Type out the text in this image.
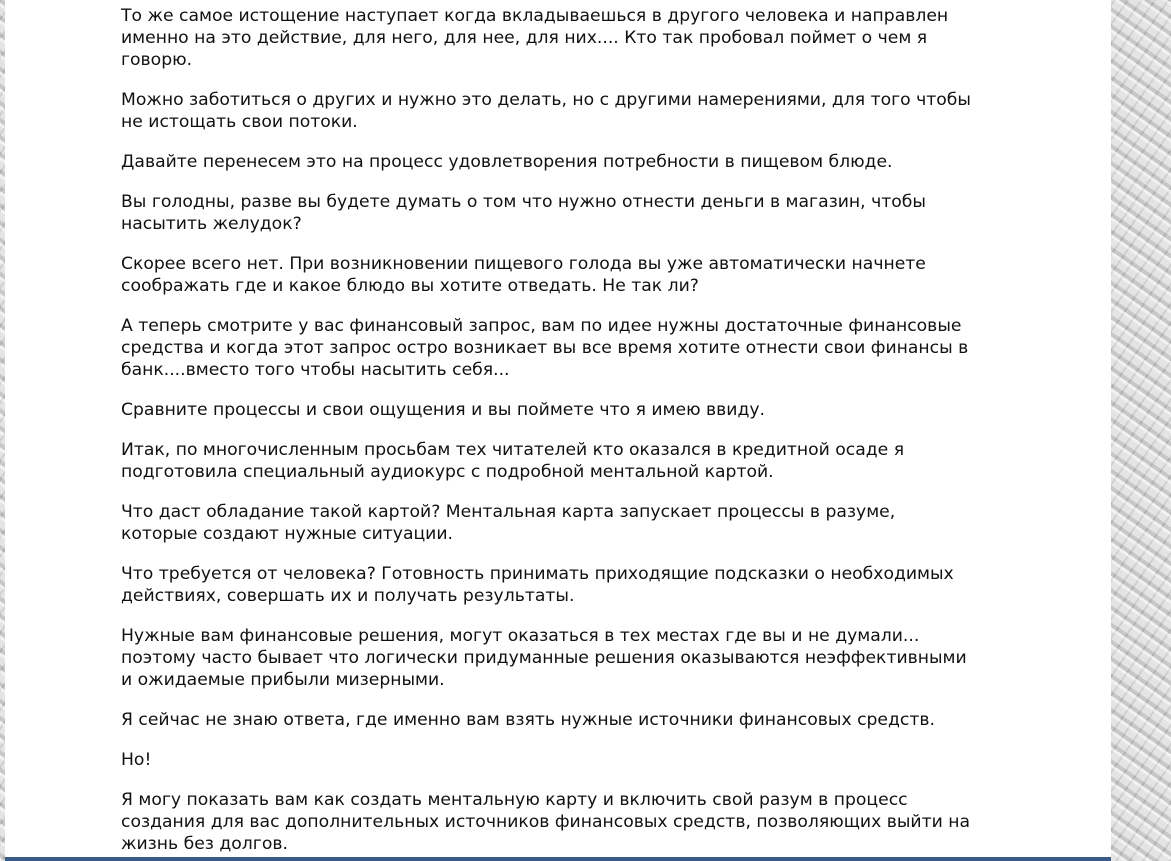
То же самое истощение наступает когда вкладываешься в другого человека и направлен
именно на это действие, для него, для нее, для них.... Кто так пробовал поймет о чем я
говорю.

Можно заботиться о других и нужно это делать, но с другими намерениями, для того чтобы
не истощать свои потоки.

Давайте перенесем это на процесс удовлетворения потребности в пищевом блюде.

Вы голодны, разве вы будете думать о том что нужно отнести деньги в магазин, чтобы
насытить желудок?

Скорее всего нет. При возникновении пищевого голода вы уже автоматически начнете
соображать где и какое блюдо вы хотите отведать. Не так ли?

А теперь смотрите у вас финансовый запрос, вам по идее нужны достаточные финансовые
средства и когда этот запрос остро возникает вы все время хотите отнести свои финансы в
банк....вместо того чтобы насытить себя...

Сравните процессы и свои ощущения и вы поймете что я имею ввиду.

Итак, по многочисленным просьбам тех читателей кто оказался в кредитной осаде я
подготовила специальный аудиокурс с подробной ментальной картой.

Что даст обладание такой картой? Ментальная карта запускает процессы в разуме,
которые создают нужные ситуации.

Что требуется от человека? Готовность принимать приходящие подсказки о необходимых
действиях, совершать их и получать результаты.

Нужные вам финансовые решения, могут оказаться в тех местах где вы и не думали...
поэтому часто бывает что логически придуманные решения оказываются неэффективными
и ожидаемые прибыли мизерными.

Я сейчас не знаю ответа, где именно вам взять нужные источники финансовых средств.

Но!

Я могу показать вам как создать ментальную карту и включить свой разум в процесс
создания для вас дополнительных источников финансовых средств, позволяющих выйти на
жизнь без долгов.
